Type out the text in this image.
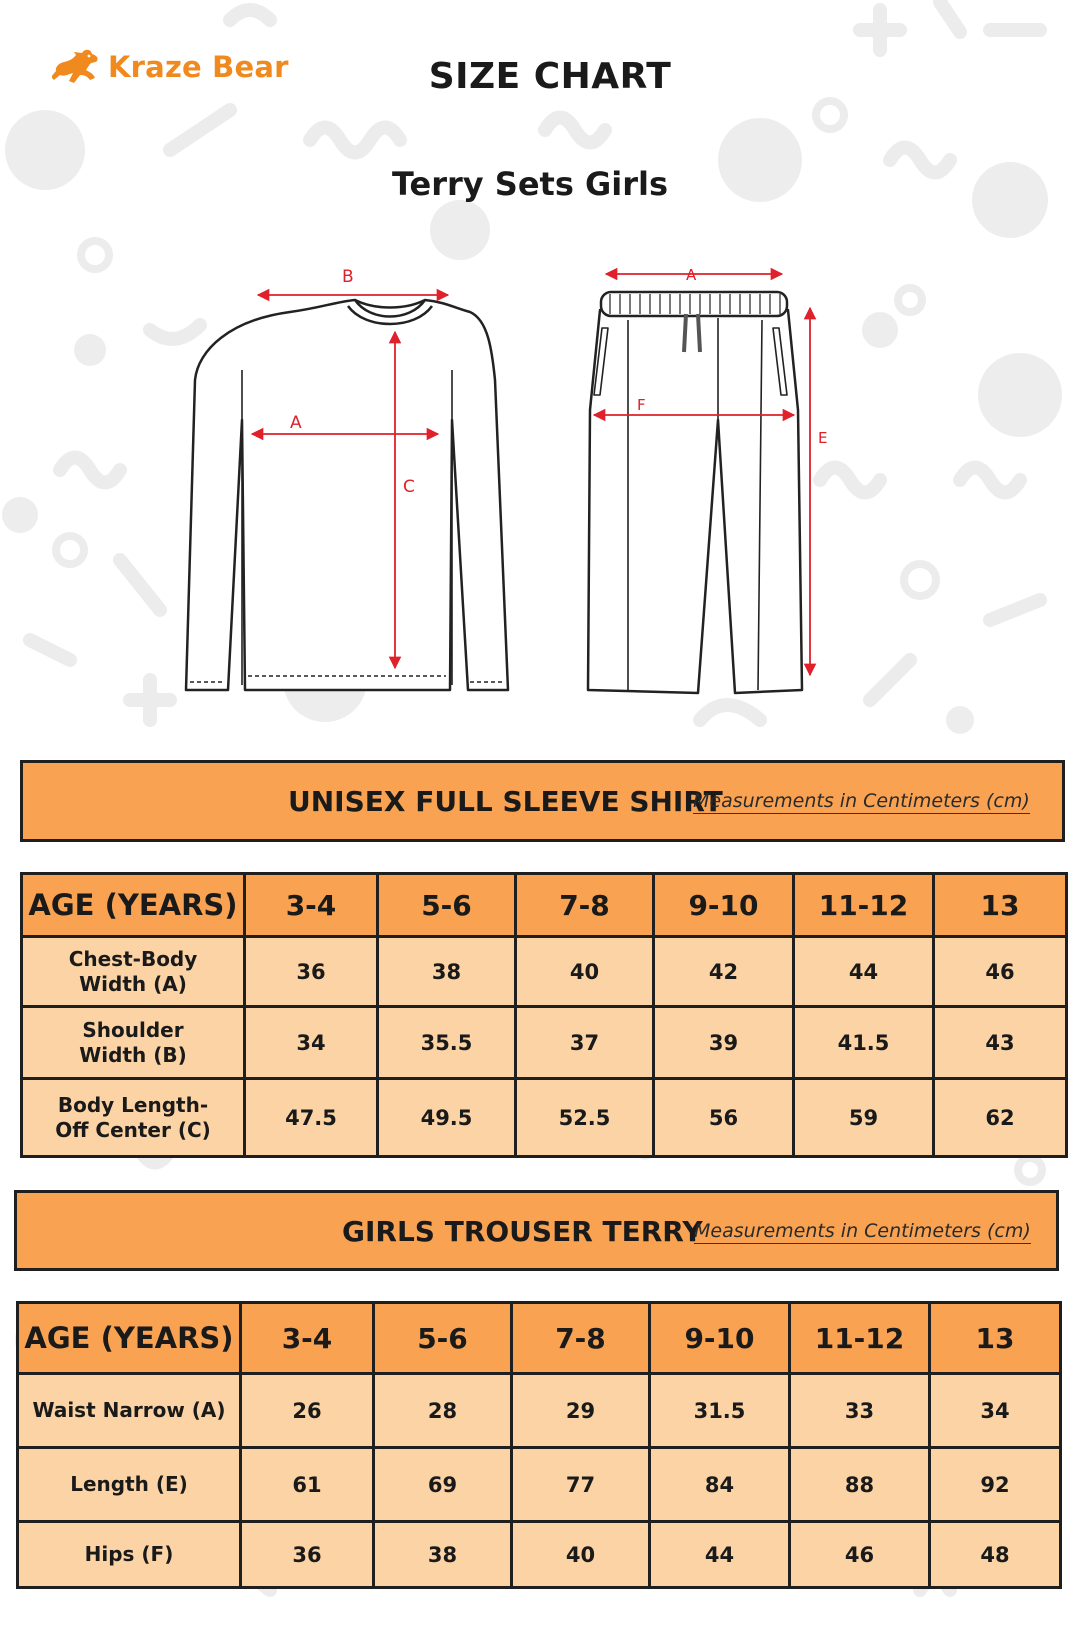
Kraze Bear	SIZE CHART
Terry Sets Girls
B
A
C
A
F
E
UNISEX FULL SLEEVE SHIRT
Measurements in Centimeters (cm)
AGE (YEARS)	3-4	5-6	7-8	9-10	11-12	13
Chest-Body
Width (A)	36	38	40	42	44	46
Shoulder
Width (B)	34	35.5	37	39	41.5	43
Body Length-
Off Center (C)	47.5	49.5	52.5	56	59	62
GIRLS TROUSER TERRY
Measurements in Centimeters (cm)
AGE (YEARS)	3-4	5-6	7-8	9-10	11-12	13
Waist Narrow (A)	26	28	29	31.5	33	34
Length (E)	61	69	77	84	88	92
Hips (F)	36	38	40	44	46	48
